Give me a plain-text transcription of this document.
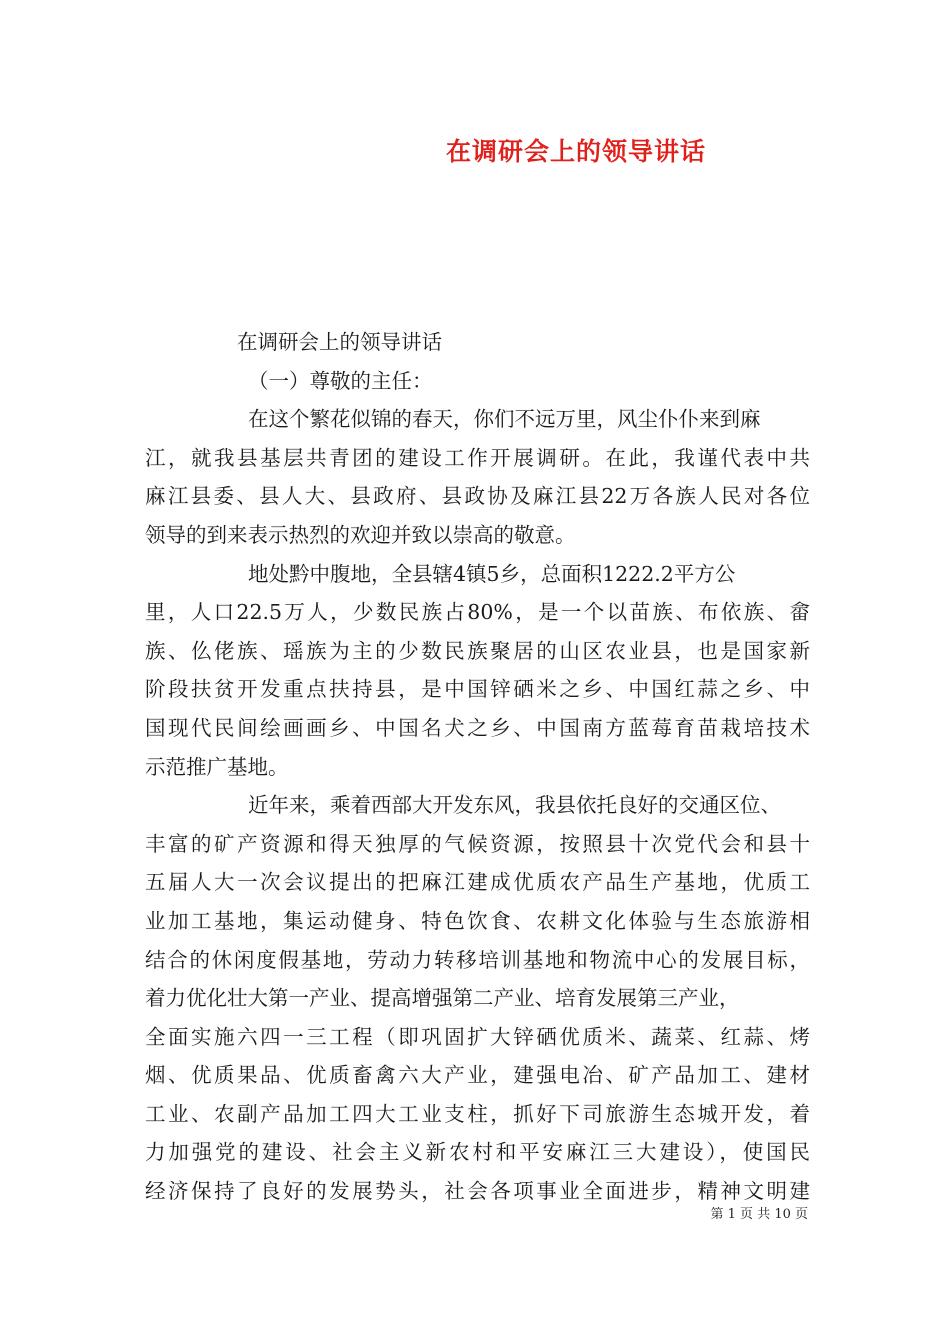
在调研会上的领导讲话
在调研会上的领导讲话
（一）尊敬的主任：
在这个繁花似锦的春天，你们不远万里，风尘仆仆来到麻
江，就我县基层共青团的建设工作开展调研。在此，我谨代表中共
麻江县委、县人大、县政府、县政协及麻江县22万各族人民对各位
领导的到来表示热烈的欢迎并致以崇高的敬意。
地处黔中腹地，全县辖4镇5乡，总面积1222.2平方公
里，人口22.5万人，少数民族占80%，是一个以苗族、布依族、畲
族、仫佬族、瑶族为主的少数民族聚居的山区农业县，也是国家新
阶段扶贫开发重点扶持县，是中国锌硒米之乡、中国红蒜之乡、中
国现代民间绘画画乡、中国名犬之乡、中国南方蓝莓育苗栽培技术
示范推广基地。
近年来，乘着西部大开发东风，我县依托良好的交通区位、
丰富的矿产资源和得天独厚的气候资源，按照县十次党代会和县十
五届人大一次会议提出的把麻江建成优质农产品生产基地，优质工
业加工基地，集运动健身、特色饮食、农耕文化体验与生态旅游相
结合的休闲度假基地，劳动力转移培训基地和物流中心的发展目标，
着力优化壮大第一产业、提高增强第二产业、培育发展第三产业，
全面实施六四一三工程（即巩固扩大锌硒优质米、蔬菜、红蒜、烤
烟、优质果品、优质畜禽六大产业，建强电冶、矿产品加工、建材
工业、农副产品加工四大工业支柱，抓好下司旅游生态城开发，着
力加强党的建设、社会主义新农村和平安麻江三大建设），使国民
经济保持了良好的发展势头，社会各项事业全面进步，精神文明建
第 1 页 共 10 页
